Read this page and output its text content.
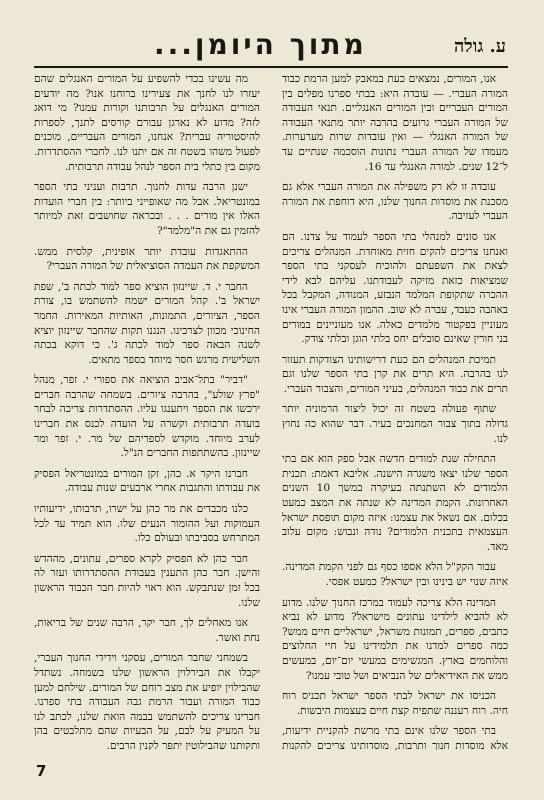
מתוך היומן...	ע. גולה

אנו, המורים, נמצאים כעת במאבק למען הרמת כבוד המורה העברי. — עובדה היא: בבתי ספרנו מפלים בין המורים העבריים ובין המורים האנגליים. תנאי העבודה של המורה העברי גרועים בהרבה יותר מתנאי העבודה של המורה האנגלי — ואין עובדות שרות מערערות. מעמדו של המורה העברי נתונות הוסכמה שנתיים עד ל־12 שנים. למורה האנגלי עד 16.

עובדה זו לא רק משפילה את המורה העברי אלא גם מסכנת את מוסדות החנוך שלנו, היא דוחפת את המורה העברי לעזיבה.

אנו סונים למנהלי בתי הספר לעמוד על צדנו. הם ואנחנו צריכים להקים חזית מאוחדת. המנהלים צריכים לצאת את השפעתם ולהוכיח לעסקני בתי הספר שמציאות כזאת מזיקה לעבודתנו. עליהם לבא לידי ההכרה שתקופת המלמד הנבזע, המנודה, המקבל בכל באהבה כעבד, עברה לא שוב. ההמון המורה העברי אינו מעוניין בפקטור מלמדים כאלה. אנו מעוניינים במורים בני חורין שאינם סובלים יחס בלתי הוגן ובלתי צודק.

תמיכת המנהלים הם כעת דרישותינו הצודקות תעזור לנו בהרבה. היא תרים את קרן בתי הספר שלנו וגם תרים את כבוד המנהלים, בעיני המורים, והצבור העברי.

שתוף פעולה בשטח זה יכול ליצור הרמוניה יותר גדולה בתוך צבור המחנכים בעיר. דבר שהוא כה נחוץ לנו.

התחילה שנת למודים חדשה אבל ספק הוא אם בתי הספר שלנו יצאו משגרה הישנה. אליבא דאמת: תכנית הלמודים לא השתנתה בעיקרה במשך 10 השנים האחרונות. הקמת המדינה לא שנתה את המצב כמעט בכלום. אם נשאל את עצמנו: איזה מקום תופסת ישראל העצמאית בתכנית הלמודים? נודה ונבוש: מקום עלוב מאד.

עבור הקק"ל הלא אספו כסף גם לפני הקמת המדינה. איזה שנוי יש בינינו ובין ישראל? כמעט אפסי.

המדינה הלא צריכה לעמוד במרכז החנוך שלנו. מדוע לא להביא לילדינו עתונים מישראל? מדוע לא נביא כתבים, ספרים, תמונות משראל, ישראליים חיים ממש? כמה ספרים למדנו את תלמידינו על חיי החלוצים והלוחמים בארץ. המגשימים במעשי יום־יום, במעשים ממש את האידיאלים של הנביאים ושל טובי עמנו?

הכניסו את ישראל לבתי הספר ישראל תכניס רוח חיה. רוח רעננה שתפיח קצת חיים בעצמות היבשות.

בתי הספר שלנו אינם בתי מרשת להקניית ידיעות, אלא מוסדות חנוך ותרבות, מוסדותינו צריכים להקנות

מה עשינו בכדי להשפיע על המורים האנגלים שהם יעזרו לנו לחנך את צעירינו ברוחנו אנו? מה יודעים המורים האנגלים על תרבותנו וקורות עמנו? מי דואג לזה? מדוע לא נארגן עבורם קורסים לתנך, לספרות להיסטוריה עברית? אנחנו, המורים העבריים, מוכנים לפעול משהו בשטח זה אם יתנו לנו. לחברי ההסתדרות. מקום בין כתלי בית הספר לנהל עבודה תרבותית.

ישנן הרבה עדות לחנוך. תרבות ועניני בתי הספר במונטריאל. אבל מה שאופייני ביותר: בין חברי הועדות האלו אין מורים . . . ובכראה שחושבים זאת למיותר להזמין גם את ה"מלמד"?

ההתאגדות עובדת יותר אופינית, קלסית ממש. המשקפת את העמדה הסוציאלית של המורה העברי?

החבר י. ד. שיינזון הוציא ספר למוד לכתה ב', שפת ישראל ב'. קהל המורים ישמח להשתמש בו, צורת הספר, הציורים, התמונות, האותיות המאירות. החמר החינוכי מכוון לצרכינו. הנגנו תקות שהחבר שיינזון יוציא לשנה הבאה ספר למוד לכתה ג'. כי דוקא בכתה השלישית מרגש חסר מיוחד בספר מתאים.

"דביר" בתל־אביב הוציאה את ספורי י. זפר, מנהל "פרץ שולע", בהרבה ציורים. בשמחה שהרבה חברים ירכשו את הספר ויתענגו עליו. ההסתדרות צריכה לבחר בועדה תרבותית וקשרה על הועדה לכנס את חברינו לערב מיוחד. מוקדש לספריהם של מר. י. זפר ומר שיינזון. בהשתתפות החברים הנ"ל.

חברנו היקר א. כהן, זקן המורים במונטריאל הפסיק את עבודתו והתגבות אחרי ארבעים שנות עבודה.

כלנו מכבדים את מר כהן על ישרו, תרבותו, ידיעותיו העמוקות ועל ההומור הנעים שלו. הוא תמיד עד לכל המתרחש בסביבתו ובעולם כלו.

חבר כהן לא הפסיק לקרא ספרים, עתונים, מההדש והישן. חבר כהן התענין בעבודת ההסתדרותו ועזר לה בכל זמן שנתבקש. הוא ראוי להיות חבר הכבוד הראשון שלנו.

אנו מאחלים לך, חבר יקר, הרבה שנים של בריאות, נחת ואשר.

בשמחני שחבר המורים, עסקני וידידי החנוך העברי, יקבלו את הבירלוין הראשון שלנו בשמחה. נשתדל שהבילוין יופיע את מצב רוחם של המורים. שילחם למען כבוד המורה ועבור הרמת גבה העבודה בתי ספרנו. חברינו צריכים להשתמש בבמה הואת שלנו, לכתב לנו על המעיק על לבם, על הבעיות שהם מתלבטים בהן ותקותנו שהבילוטין יתפר לקנין הרבים.

7
